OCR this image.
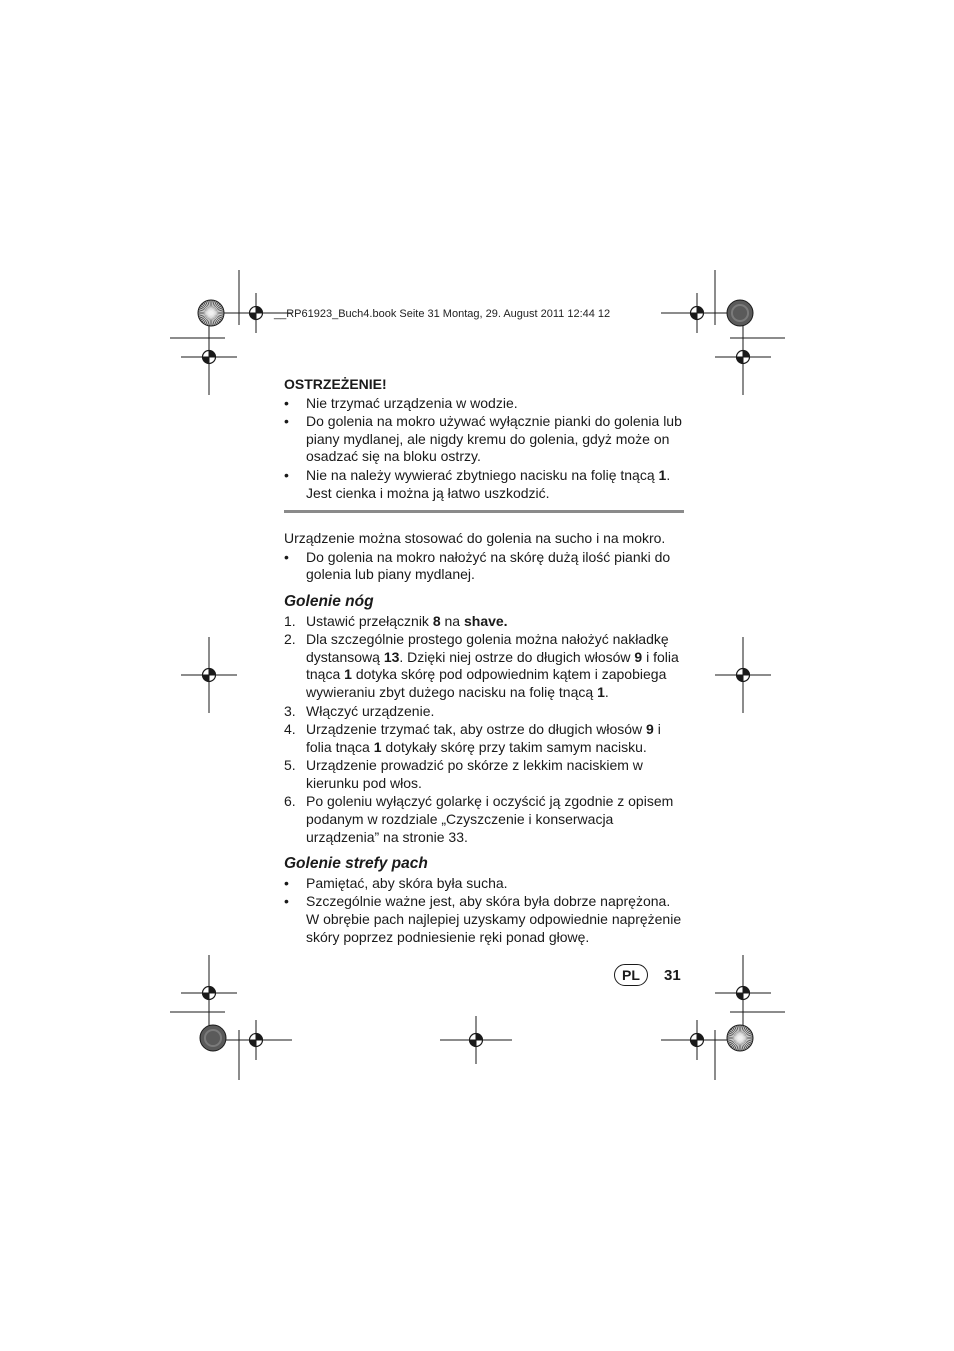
__RP61923_Buch4.book Seite 31 Montag, 29. August 2011 12:44 12
OSTRZEŻENIE!
•	Nie trzymać urządzenia w wodzie.
•	Do golenia na mokro używać wyłącznie pianki do golenia lub piany mydlanej, ale nigdy kremu do golenia, gdyż może on osadzać się na bloku ostrzy.
•	Nie na należy wywierać zbytniego nacisku na folię tnącą 1. Jest cienka i można ją łatwo uszkodzić.
Urządzenie można stosować do golenia na sucho i na mokro.
•	Do golenia na mokro nałożyć na skórę dużą ilość pianki do golenia lub piany mydlanej.
Golenie nóg
1. Ustawić przełącznik 8 na shave.
2. Dla szczególnie prostego golenia można nałożyć nakładkę dystansową 13. Dzięki niej ostrze do długich włosów 9 i folia tnąca 1 dotyka skórę pod odpowiednim kątem i zapobiega wywieraniu zbyt dużego nacisku na folię tnącą 1.
3. Włączyć urządzenie.
4. Urządzenie trzymać tak, aby ostrze do długich włosów 9 i folia tnąca 1 dotykały skórę przy takim samym nacisku.
5. Urządzenie prowadzić po skórze z lekkim naciskiem w kierunku pod włos.
6. Po goleniu wyłączyć golarkę i oczyścić ją zgodnie z opisem podanym w rozdziale „Czyszczenie i konserwacja urządzenia” na stronie 33.
Golenie strefy pach
•	Pamiętać, aby skóra była sucha.
•	Szczególnie ważne jest, aby skóra była dobrze naprężona. W obrębie pach najlepiej uzyskamy odpowiednie naprężenie skóry poprzez podniesienie ręki ponad głowę.
PL	31
